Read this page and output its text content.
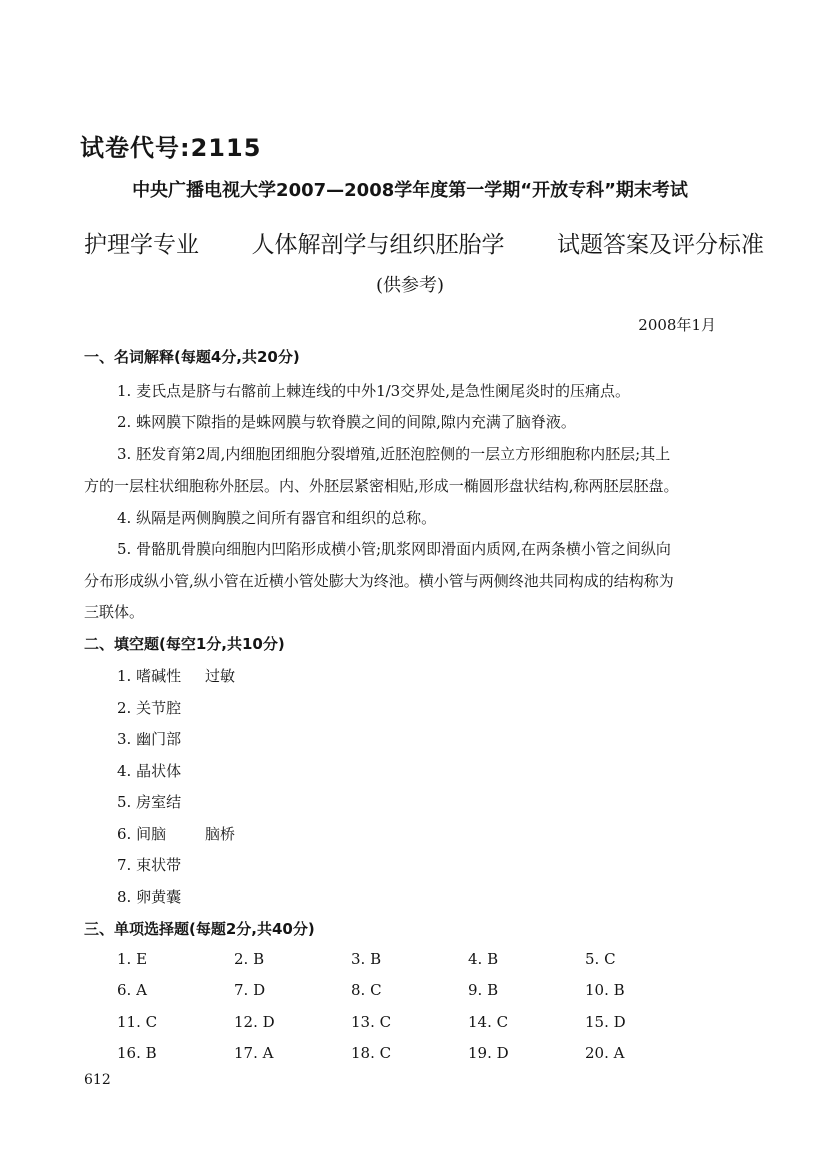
试卷代号:2115
中央广播电视大学2007—2008学年度第一学期“开放专科”期末考试
护理学专业 人体解剖学与组织胚胎学 试题答案及评分标准
(供参考)
2008年1月
一、名词解释(每题4分,共20分)
1. 麦氏点是脐与右髂前上棘连线的中外1/3交界处,是急性阑尾炎时的压痛点。
2. 蛛网膜下隙指的是蛛网膜与软脊膜之间的间隙,隙内充满了脑脊液。
3. 胚发育第2周,内细胞团细胞分裂增殖,近胚泡腔侧的一层立方形细胞称内胚层;其上
方的一层柱状细胞称外胚层。内、外胚层紧密相贴,形成一椭圆形盘状结构,称两胚层胚盘。
4. 纵隔是两侧胸膜之间所有器官和组织的总称。
5. 骨骼肌骨膜向细胞内凹陷形成横小管;肌浆网即滑面内质网,在两条横小管之间纵向
分布形成纵小管,纵小管在近横小管处膨大为终池。横小管与两侧终池共同构成的结构称为
三联体。
二、填空题(每空1分,共10分)
1. 嗜碱性 过敏
2. 关节腔
3. 幽门部
4. 晶状体
5. 房室结
6. 间脑	脑桥
7. 束状带
8. 卵黄囊
三、单项选择题(每题2分,共40分)
1. E	2. B	3. B	4. B	5. C
6. A	7. D	8. C	9. B	10. B
11. C	12. D	13. C	14. C	15. D
16. B	17. A	18. C	19. D	20. A
612
